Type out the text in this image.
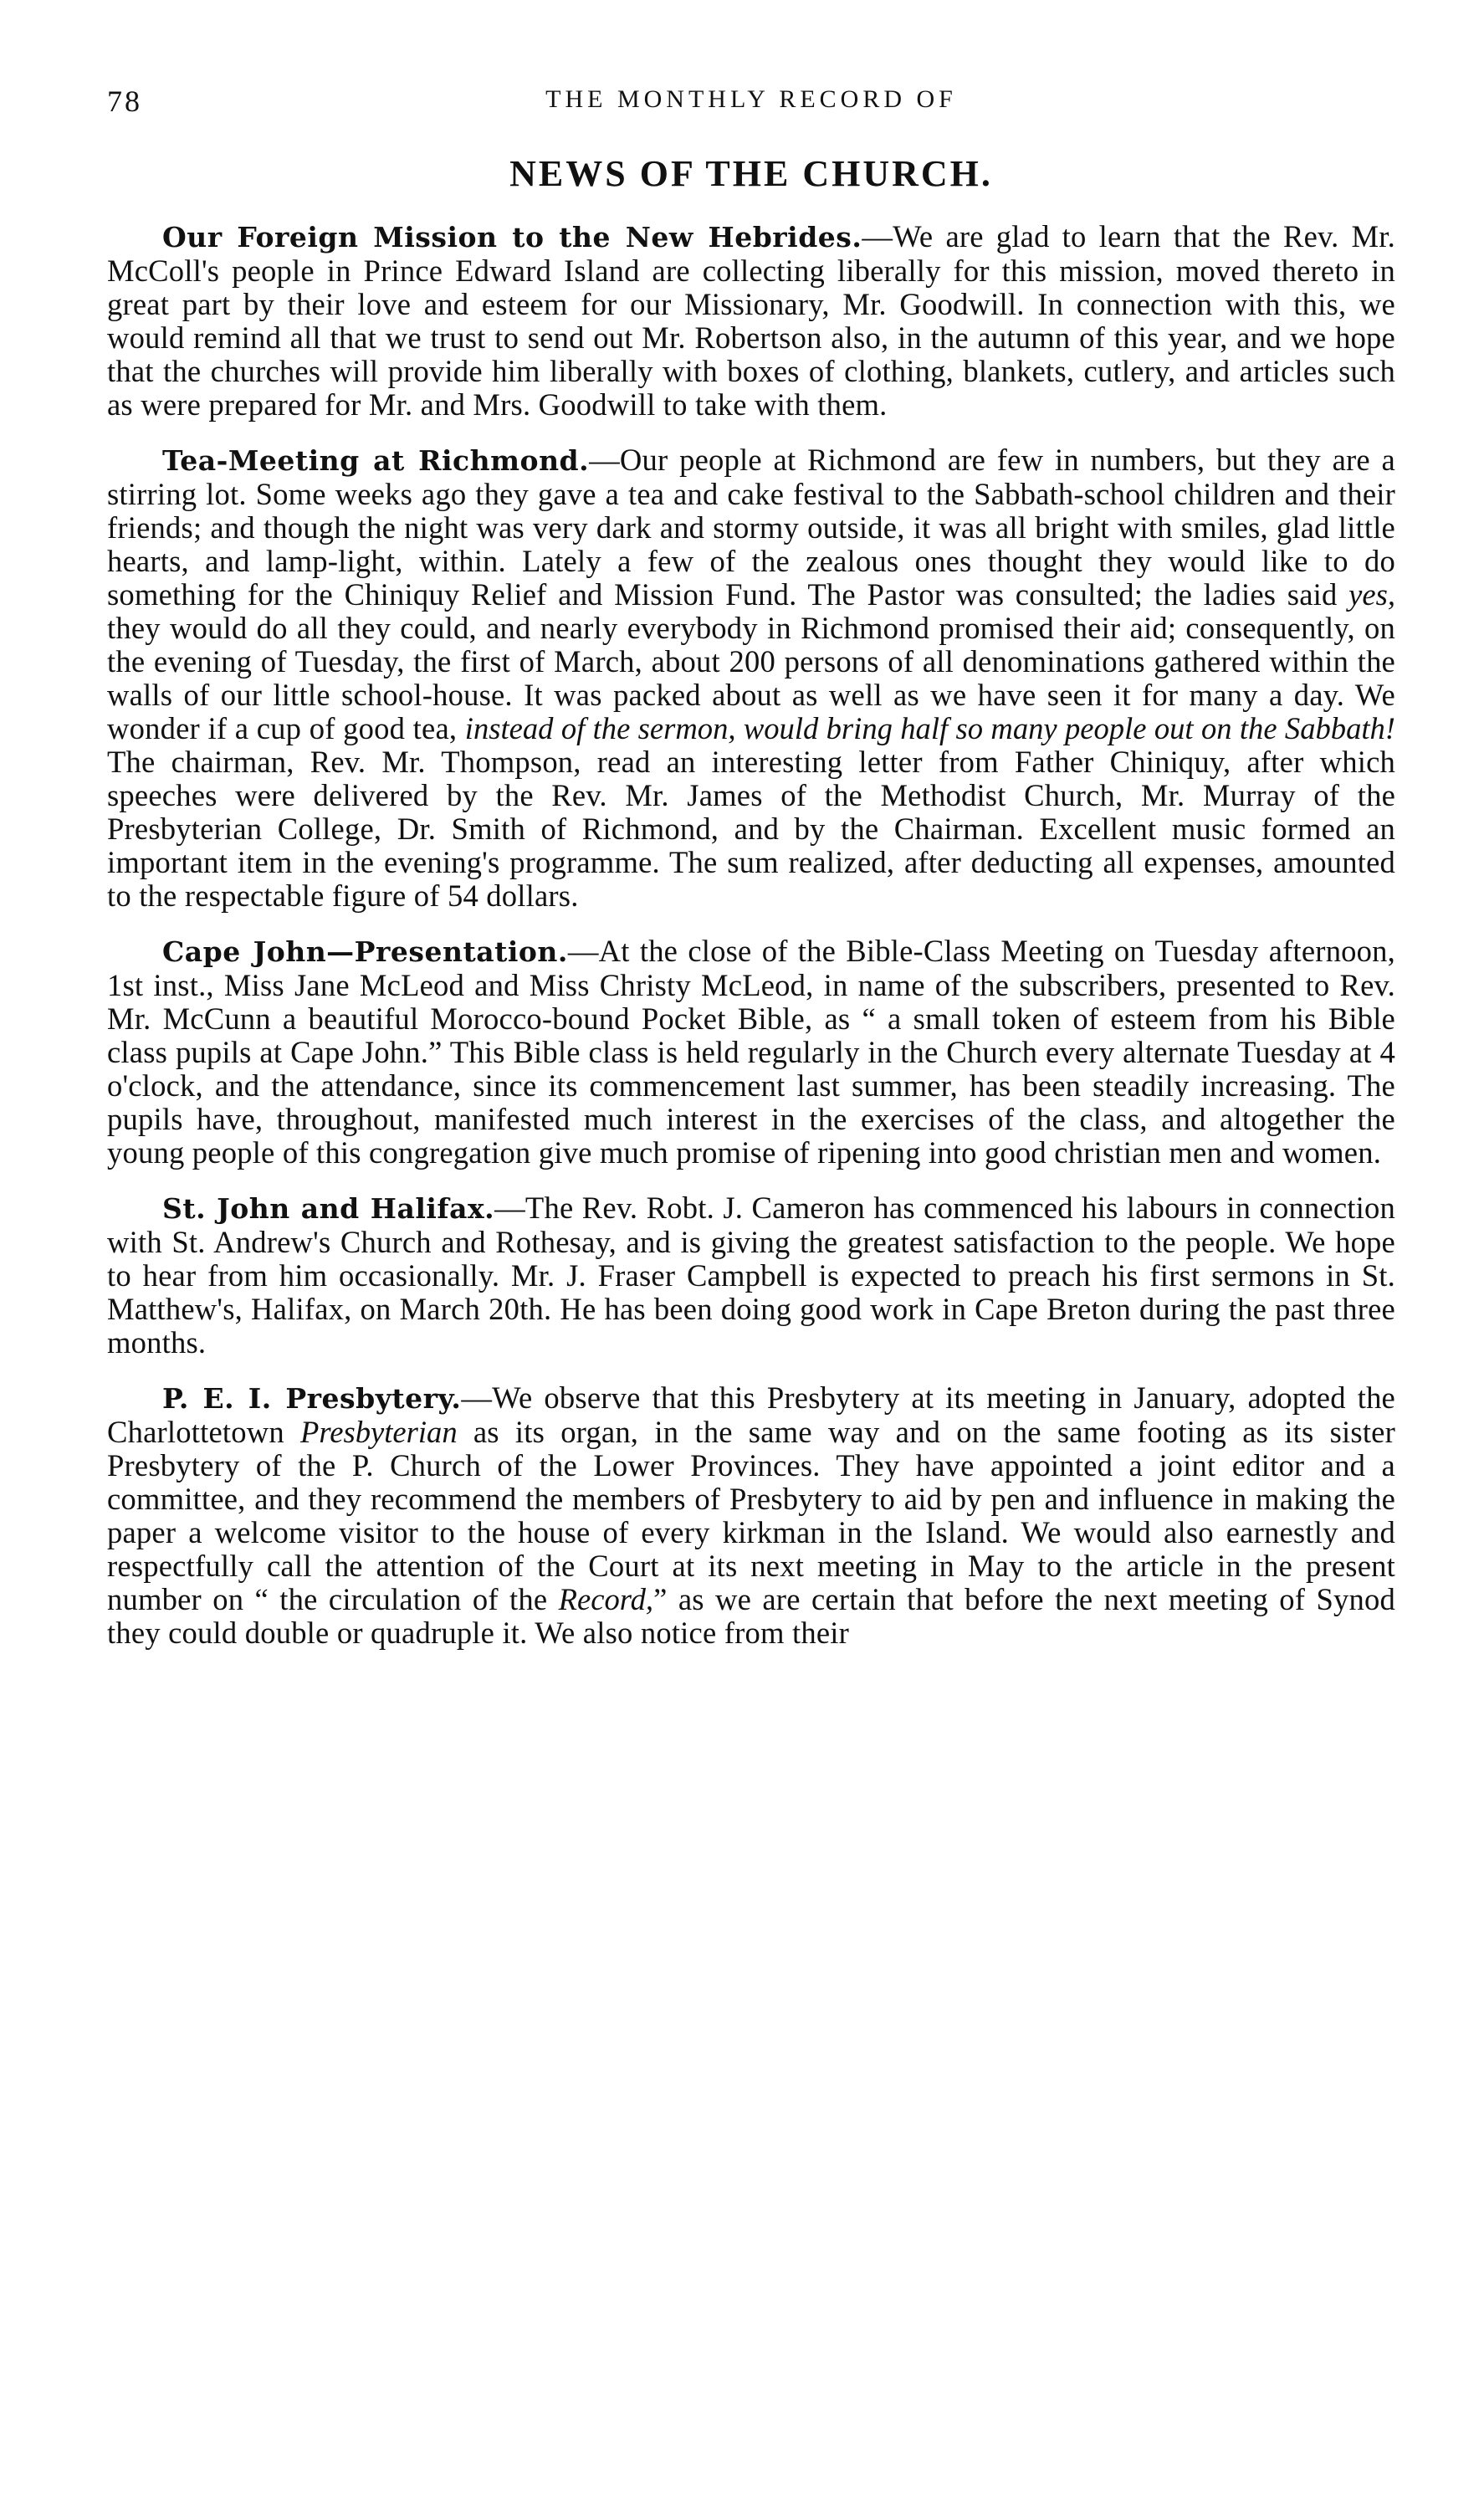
78	THE MONTHLY RECORD OF
NEWS OF THE CHURCH.

Our Foreign Mission to the New Hebrides.—We are glad to learn that the Rev. Mr. McColl's people in Prince Edward Island are collecting liberally for this mission, moved thereto in great part by their love and esteem for our Missionary, Mr. Goodwill. In connection with this, we would remind all that we trust to send out Mr. Robertson also, in the autumn of this year, and we hope that the churches will provide him liberally with boxes of clothing, blankets, cutlery, and articles such as were prepared for Mr. and Mrs. Goodwill to take with them.

Tea-Meeting at Richmond.—Our people at Richmond are few in numbers, but they are a stirring lot. Some weeks ago they gave a tea and cake festival to the Sabbath-school children and their friends; and though the night was very dark and stormy outside, it was all bright with smiles, glad little hearts, and lamp-light, within. Lately a few of the zealous ones thought they would like to do something for the Chiniquy Relief and Mission Fund. The Pastor was consulted; the ladies said yes, they would do all they could, and nearly everybody in Richmond promised their aid; consequently, on the evening of Tuesday, the first of March, about 200 persons of all denominations gathered within the walls of our little school-house. It was packed about as well as we have seen it for many a day. We wonder if a cup of good tea, instead of the sermon, would bring half so many people out on the Sabbath! The chairman, Rev. Mr. Thompson, read an interesting letter from Father Chiniquy, after which speeches were delivered by the Rev. Mr. James of the Methodist Church, Mr. Murray of the Presbyterian College, Dr. Smith of Richmond, and by the Chairman. Excellent music formed an important item in the evening's programme. The sum realized, after deducting all expenses, amounted to the respectable figure of 54 dollars.

Cape John—Presentation.—At the close of the Bible-Class Meeting on Tuesday afternoon, 1st inst., Miss Jane McLeod and Miss Christy McLeod, in name of the subscribers, presented to Rev. Mr. McCunn a beautiful Morocco-bound Pocket Bible, as “ a small token of esteem from his Bible class pupils at Cape John.” This Bible class is held regularly in the Church every alternate Tuesday at 4 o'clock, and the attendance, since its commencement last summer, has been steadily increasing. The pupils have, throughout, manifested much interest in the exercises of the class, and altogether the young people of this congregation give much promise of ripening into good christian men and women.

St. John and Halifax.—The Rev. Robt. J. Cameron has commenced his labours in connection with St. Andrew's Church and Rothesay, and is giving the greatest satisfaction to the people. We hope to hear from him occasionally. Mr. J. Fraser Campbell is expected to preach his first sermons in St. Matthew's, Halifax, on March 20th. He has been doing good work in Cape Breton during the past three months.

P. E. I. Presbytery.—We observe that this Presbytery at its meeting in January, adopted the Charlottetown Presbyterian as its organ, in the same way and on the same footing as its sister Presbytery of the P. Church of the Lower Provinces. They have appointed a joint editor and a committee, and they recommend the members of Presbytery to aid by pen and influence in making the paper a welcome visitor to the house of every kirkman in the Island. We would also earnestly and respectfully call the attention of the Court at its next meeting in May to the article in the present number on “ the circulation of the Record,” as we are certain that before the next meeting of Synod they could double or quadruple it. We also notice from their
